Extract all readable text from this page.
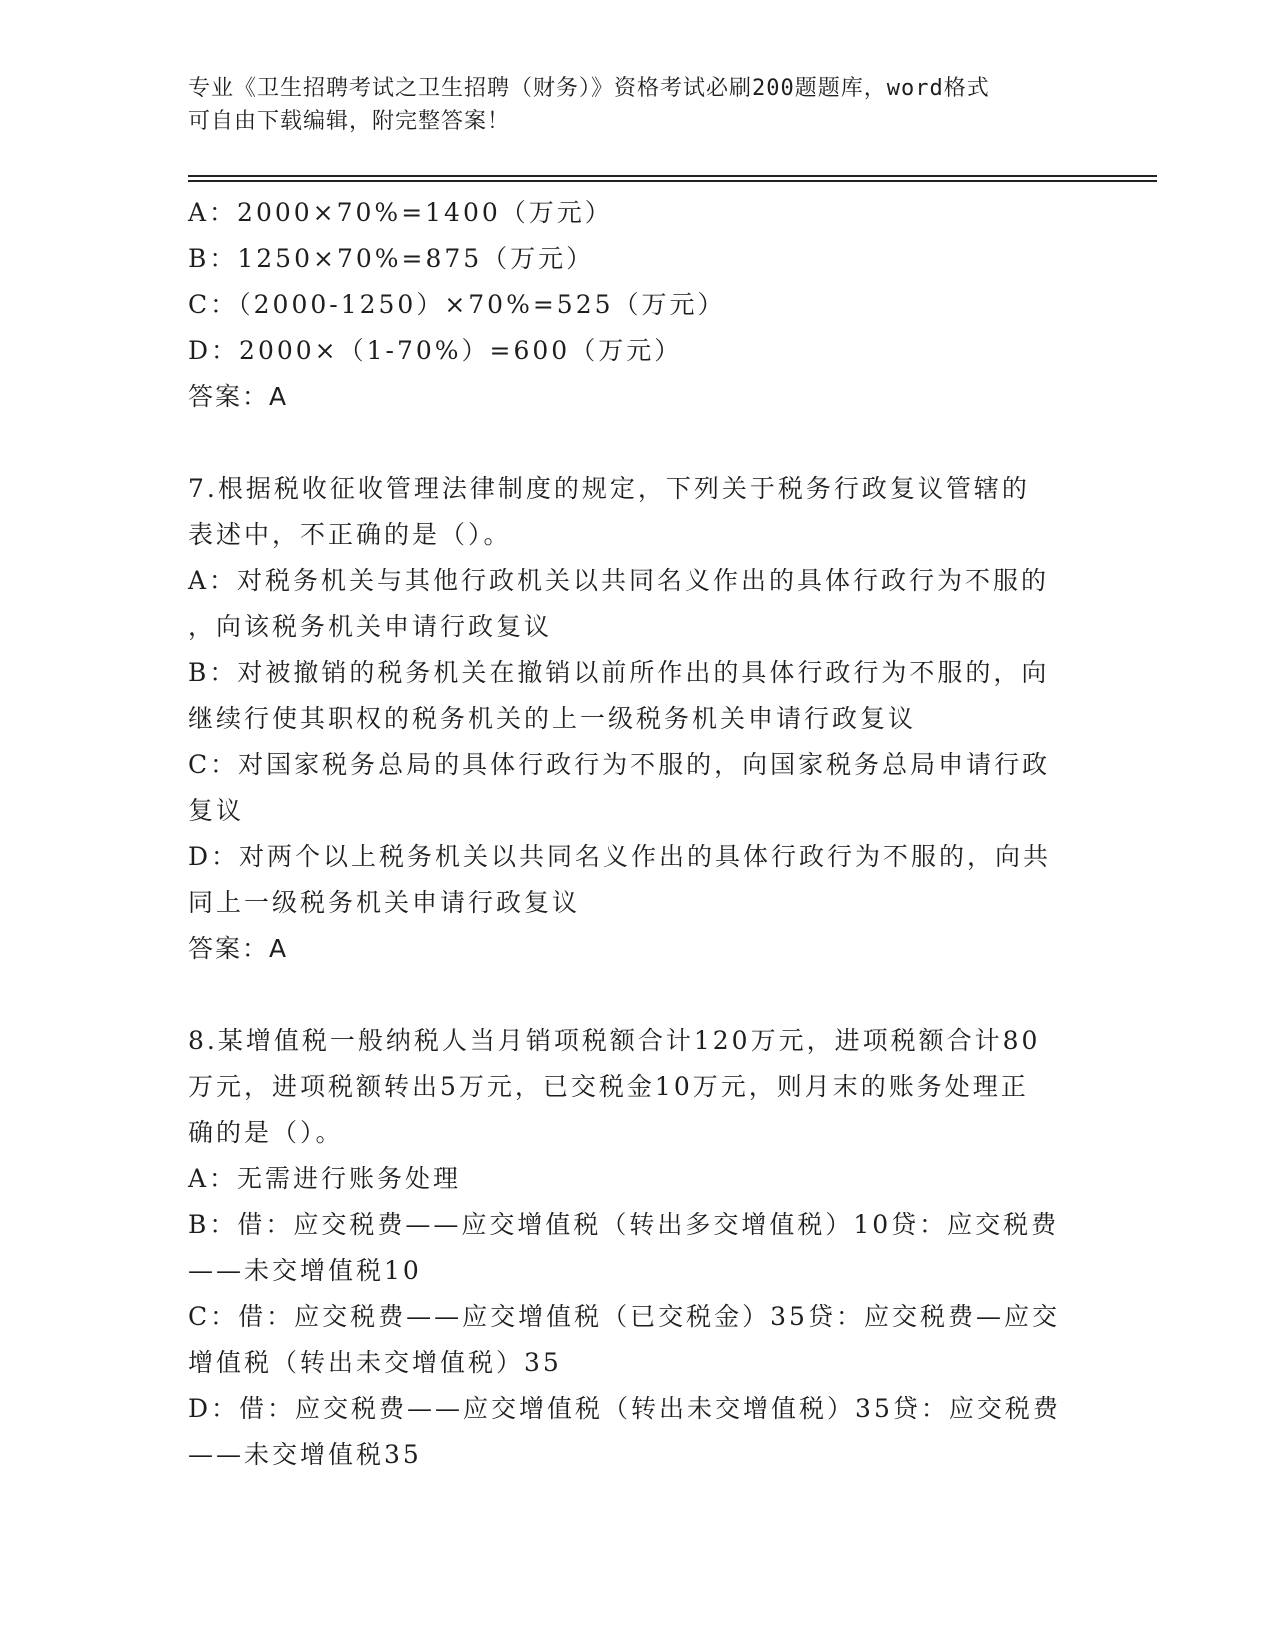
专业《卫生招聘考试之卫生招聘（财务）》资格考试必刷200题题库，word格式
可自由下载编辑，附完整答案！
A：2000×70%=1400（万元）
B：1250×70%=875（万元）
C：（2000-1250）×70%=525（万元）
D：2000×（1-70%）=600（万元）
答案：A
7.根据税收征收管理法律制度的规定，下列关于税务行政复议管辖的
表述中，不正确的是（）。
A：对税务机关与其他行政机关以共同名义作出的具体行政行为不服的
，向该税务机关申请行政复议
B：对被撤销的税务机关在撤销以前所作出的具体行政行为不服的，向
继续行使其职权的税务机关的上一级税务机关申请行政复议
C：对国家税务总局的具体行政行为不服的，向国家税务总局申请行政
复议
D：对两个以上税务机关以共同名义作出的具体行政行为不服的，向共
同上一级税务机关申请行政复议
答案：A
8.某增值税一般纳税人当月销项税额合计120万元，进项税额合计80
万元，进项税额转出5万元，已交税金10万元，则月末的账务处理正
确的是（）。
A：无需进行账务处理
B：借：应交税费——应交增值税（转出多交增值税）10贷：应交税费
——未交增值税10
C：借：应交税费——应交增值税（已交税金）35贷：应交税费—应交
增值税（转出未交增值税）35
D：借：应交税费——应交增值税（转出未交增值税）35贷：应交税费
——未交增值税35
